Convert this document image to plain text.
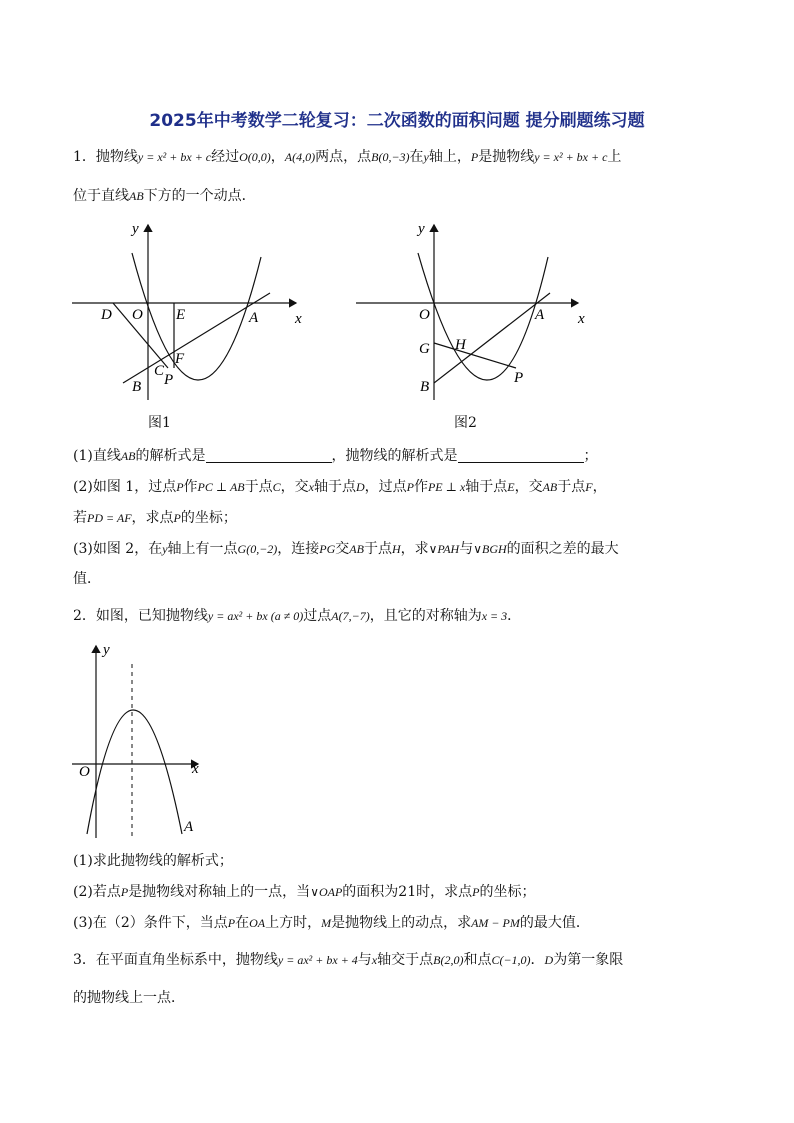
2025年中考数学二轮复习：二次函数的面积问题 提分刷题练习题
1．抛物线y = x² + bx + c经过O(0,0)，A(4,0)两点，点B(0,−3)在y轴上，P是抛物线y = x² + bx + c上
位于直线AB下方的一个动点．
y
x
O
D	E	A
F
C
P
B
图1
y
x
O	A
G H
P
B
图2
(1)直线AB的解析式是	，抛物线的解析式是	；
(2)如图 1，过点P作PC ⊥ AB于点C，交x轴于点D，过点P作PE ⊥ x轴于点E，交AB于点F，
若PD = AF，求点P的坐标；
(3)如图 2，在y轴上有一点G(0,−2)，连接PG交AB于点H，求∨PAH与∨BGH的面积之差的最大
值．
2．如图，已知抛物线y = ax² + bx (a ≠ 0)过点A(7,−7)，且它的对称轴为x = 3．
y
x
O
A
(1)求此抛物线的解析式；
(2)若点P是抛物线对称轴上的一点，当∨OAP的面积为21时，求点P的坐标；
(3)在（2）条件下，当点P在OA上方时，M是抛物线上的动点，求AM − PM的最大值．
3．在平面直角坐标系中，抛物线y = ax² + bx + 4与x轴交于点B(2,0)和点C(−1,0)．D为第一象限
的抛物线上一点．
